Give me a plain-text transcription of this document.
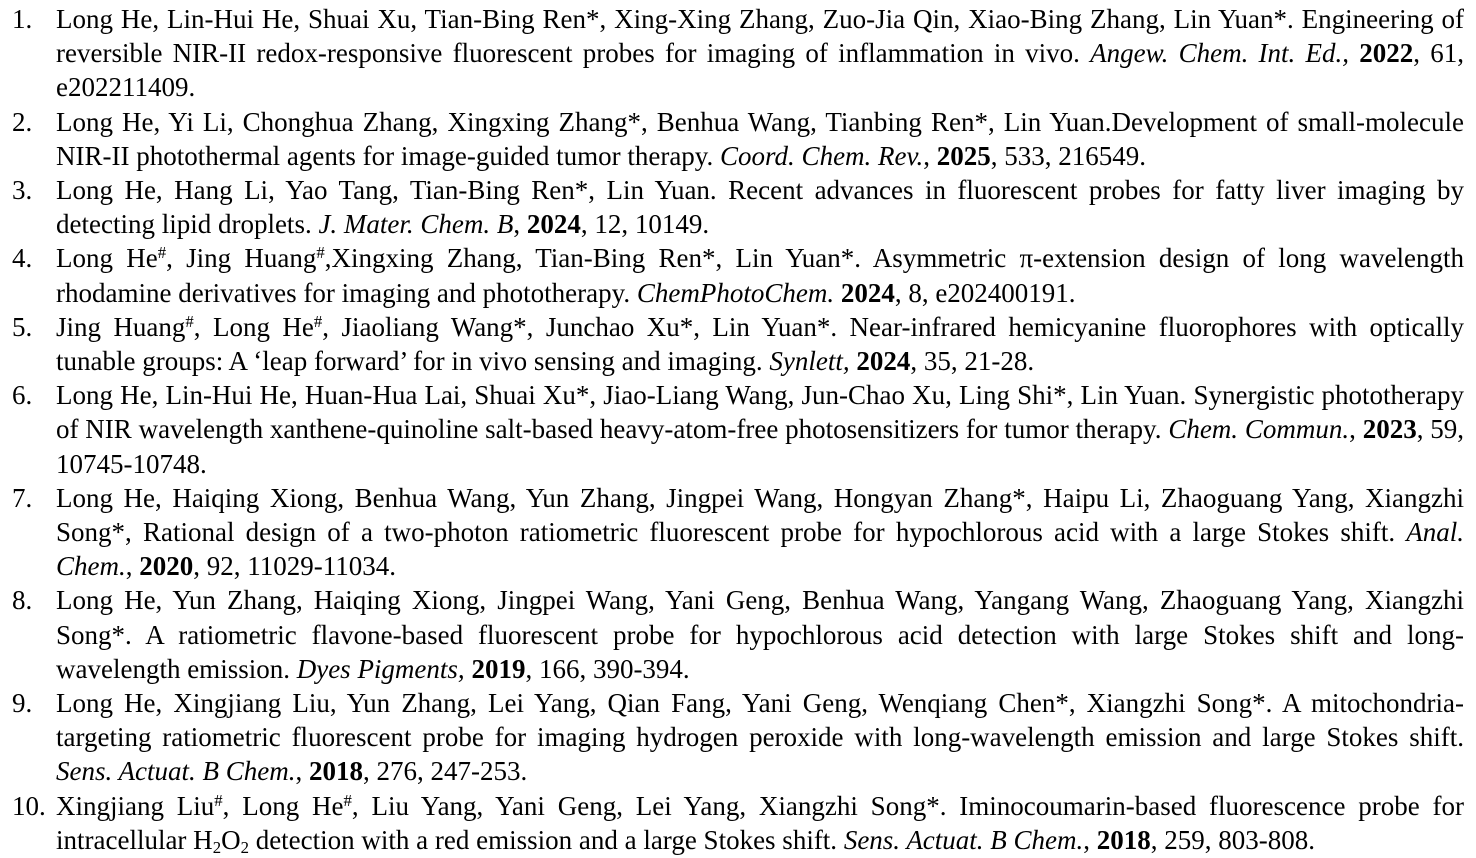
1. Long He, Lin-Hui He, Shuai Xu, Tian-Bing Ren*, Xing-Xing Zhang, Zuo-Jia Qin, Xiao-Bing Zhang, Lin Yuan*. Engineering of reversible NIR-II redox-responsive fluorescent probes for imaging of inflammation in vivo. Angew. Chem. Int. Ed., 2022, 61, e202211409.
2. Long He, Yi Li, Chonghua Zhang, Xingxing Zhang*, Benhua Wang, Tianbing Ren*, Lin Yuan.Development of small-molecule NIR-II photothermal agents for image-guided tumor therapy. Coord. Chem. Rev., 2025, 533, 216549.
3. Long He, Hang Li, Yao Tang, Tian-Bing Ren*, Lin Yuan. Recent advances in fluorescent probes for fatty liver imaging by detecting lipid droplets. J. Mater. Chem. B, 2024, 12, 10149.
4. Long He#, Jing Huang#,Xingxing Zhang, Tian-Bing Ren*, Lin Yuan*. Asymmetric π-extension design of long wavelength rhodamine derivatives for imaging and phototherapy. ChemPhotoChem. 2024, 8, e202400191.
5. Jing Huang#, Long He#, Jiaoliang Wang*, Junchao Xu*, Lin Yuan*. Near-infrared hemicyanine fluorophores with optically tunable groups: A ‘leap forward’ for in vivo sensing and imaging. Synlett, 2024, 35, 21-28.
6. Long He, Lin-Hui He, Huan-Hua Lai, Shuai Xu*, Jiao-Liang Wang, Jun-Chao Xu, Ling Shi*, Lin Yuan. Synergistic phototherapy of NIR wavelength xanthene-quinoline salt-based heavy-atom-free photosensitizers for tumor therapy. Chem. Commun., 2023, 59, 10745-10748.
7. Long He, Haiqing Xiong, Benhua Wang, Yun Zhang, Jingpei Wang, Hongyan Zhang*, Haipu Li, Zhaoguang Yang, Xiangzhi Song*, Rational design of a two-photon ratiometric fluorescent probe for hypochlorous acid with a large Stokes shift. Anal. Chem., 2020, 92, 11029-11034.
8. Long He, Yun Zhang, Haiqing Xiong, Jingpei Wang, Yani Geng, Benhua Wang, Yangang Wang, Zhaoguang Yang, Xiangzhi Song*. A ratiometric flavone-based fluorescent probe for hypochlorous acid detection with large Stokes shift and long-wavelength emission. Dyes Pigments, 2019, 166, 390-394.
9. Long He, Xingjiang Liu, Yun Zhang, Lei Yang, Qian Fang, Yani Geng, Wenqiang Chen*, Xiangzhi Song*. A mitochondria-targeting ratiometric fluorescent probe for imaging hydrogen peroxide with long-wavelength emission and large Stokes shift. Sens. Actuat. B Chem., 2018, 276, 247-253.
10. Xingjiang Liu#, Long He#, Liu Yang, Yani Geng, Lei Yang, Xiangzhi Song*. Iminocoumarin-based fluorescence probe for intracellular $H_2O_2$ detection with a red emission and a large Stokes shift. Sens. Actuat. B Chem., 2018, 259, 803-808.
